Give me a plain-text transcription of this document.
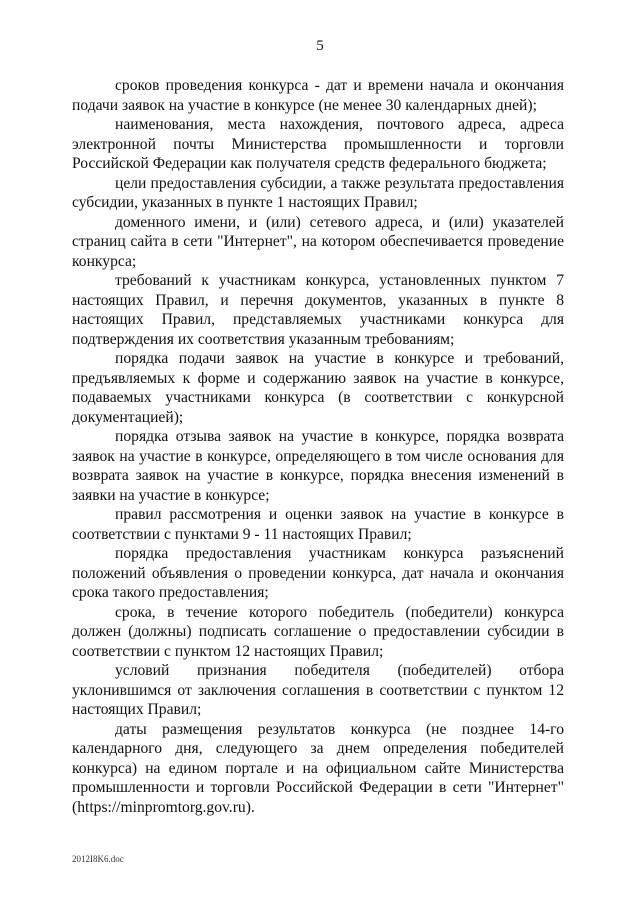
5

сроков проведения конкурса - дат и времени начала и окончания подачи заявок на участие в конкурсе (не менее 30 календарных дней);

наименования, места нахождения, почтового адреса, адреса электронной почты Министерства промышленности и торговли Российской Федерации как получателя средств федерального бюджета;

цели предоставления субсидии, а также результата предоставления субсидии, указанных в пункте 1 настоящих Правил;

доменного имени, и (или) сетевого адреса, и (или) указателей страниц сайта в сети "Интернет", на котором обеспечивается проведение конкурса;

требований к участникам конкурса, установленных пунктом 7 настоящих Правил, и перечня документов, указанных в пункте 8 настоящих Правил, представляемых участниками конкурса для подтверждения их соответствия указанным требованиям;

порядка подачи заявок на участие в конкурсе и требований, предъявляемых к форме и содержанию заявок на участие в конкурсе, подаваемых участниками конкурса (в соответствии с конкурсной документацией);

порядка отзыва заявок на участие в конкурсе, порядка возврата заявок на участие в конкурсе, определяющего в том числе основания для возврата заявок на участие в конкурсе, порядка внесения изменений в заявки на участие в конкурсе;

правил рассмотрения и оценки заявок на участие в конкурсе в соответствии с пунктами 9 - 11 настоящих Правил;

порядка предоставления участникам конкурса разъяснений положений объявления о проведении конкурса, дат начала и окончания срока такого предоставления;

срока, в течение которого победитель (победители) конкурса должен (должны) подписать соглашение о предоставлении субсидии в соответствии с пунктом 12 настоящих Правил;

условий признания победителя (победителей) отбора уклонившимся от заключения соглашения в соответствии с пунктом 12 настоящих Правил;

даты размещения результатов конкурса (не позднее 14-го календарного дня, следующего за днем определения победителей конкурса) на едином портале и на официальном сайте Министерства промышленности и торговли Российской Федерации в сети "Интернет" (https://minpromtorg.gov.ru).

2012I8K6.doc
